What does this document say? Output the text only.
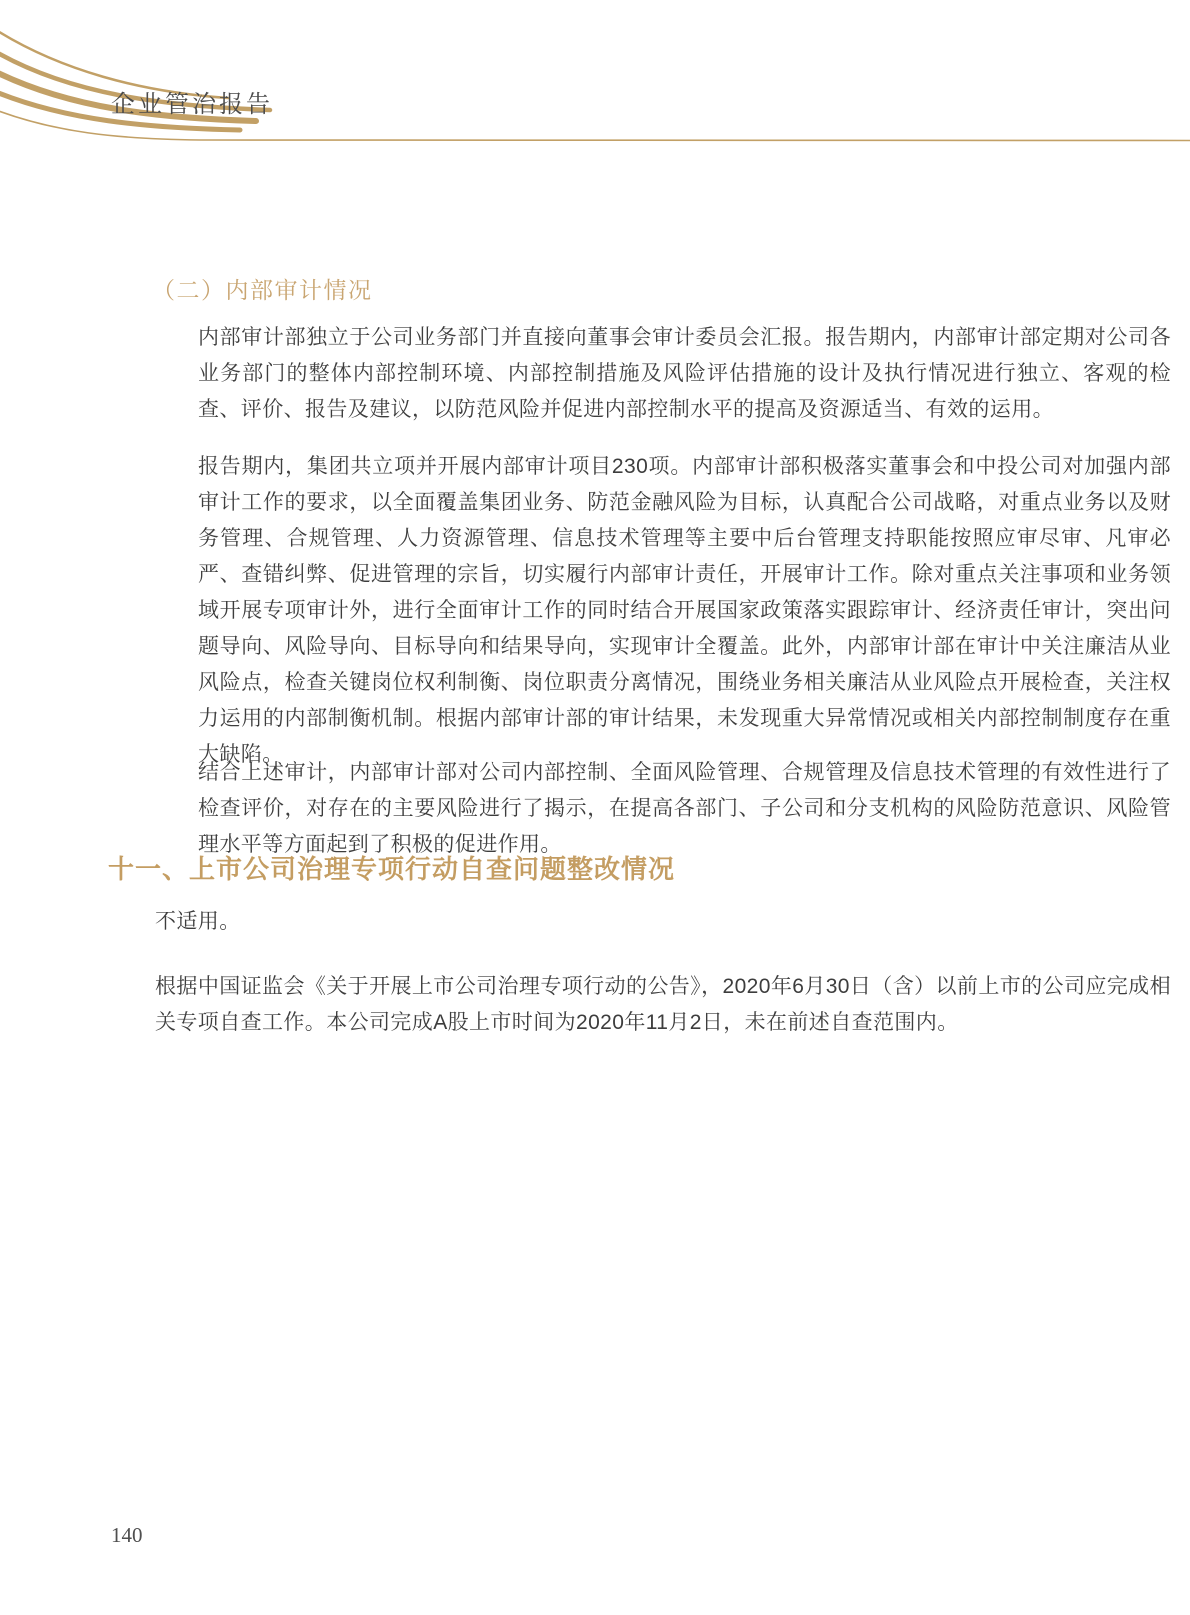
企业管治报告
（二）内部审计情况

内部审计部独立于公司业务部门并直接向董事会审计委员会汇报。报告期内，内部审计部定期对公司各业务部门的整体内部控制环境、内部控制措施及风险评估措施的设计及执行情况进行独立、客观的检查、评价、报告及建议，以防范风险并促进内部控制水平的提高及资源适当、有效的运用。

报告期内，集团共立项并开展内部审计项目230项。内部审计部积极落实董事会和中投公司对加强内部审计工作的要求，以全面覆盖集团业务、防范金融风险为目标，认真配合公司战略，对重点业务以及财务管理、合规管理、人力资源管理、信息技术管理等主要中后台管理支持职能按照应审尽审、凡审必严、查错纠弊、促进管理的宗旨，切实履行内部审计责任，开展审计工作。除对重点关注事项和业务领域开展专项审计外，进行全面审计工作的同时结合开展国家政策落实跟踪审计、经济责任审计，突出问题导向、风险导向、目标导向和结果导向，实现审计全覆盖。此外，内部审计部在审计中关注廉洁从业风险点，检查关键岗位权利制衡、岗位职责分离情况，围绕业务相关廉洁从业风险点开展检查，关注权力运用的内部制衡机制。根据内部审计部的审计结果，未发现重大异常情况或相关内部控制制度存在重大缺陷。

结合上述审计，内部审计部对公司内部控制、全面风险管理、合规管理及信息技术管理的有效性进行了检查评价，对存在的主要风险进行了揭示，在提高各部门、子公司和分支机构的风险防范意识、风险管理水平等方面起到了积极的促进作用。

十一、上市公司治理专项行动自查问题整改情况

不适用。

根据中国证监会《关于开展上市公司治理专项行动的公告》，2020年6月30日（含）以前上市的公司应完成相关专项自查工作。本公司完成A股上市时间为2020年11月2日，未在前述自查范围内。

140
